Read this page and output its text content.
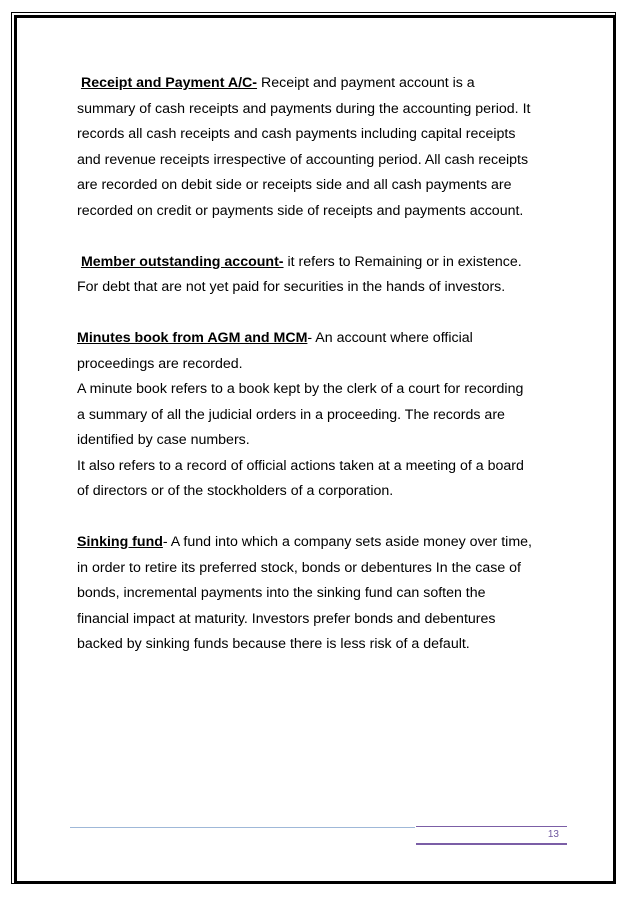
Receipt and Payment A/C- Receipt and payment account is a
summary of cash receipts and payments during the accounting period. It
records all cash receipts and cash payments including capital receipts
and revenue receipts irrespective of accounting period. All cash receipts
are recorded on debit side or receipts side and all cash payments are
recorded on credit or payments side of receipts and payments account.
Member outstanding account- it refers to Remaining or in existence.
For debt that are not yet paid for securities in the hands of investors.
Minutes book from AGM and MCM- An account where official
proceedings are recorded.
A minute book refers to a book kept by the clerk of a court for recording
a summary of all the judicial orders in a proceeding. The records are
identified by case numbers.
It also refers to a record of official actions taken at a meeting of a board
of directors or of the stockholders of a corporation.
Sinking fund- A fund into which a company sets aside money over time,
in order to retire its preferred stock, bonds or debentures In the case of
bonds, incremental payments into the sinking fund can soften the
financial impact at maturity. Investors prefer bonds and debentures
backed by sinking funds because there is less risk of a default.
13
